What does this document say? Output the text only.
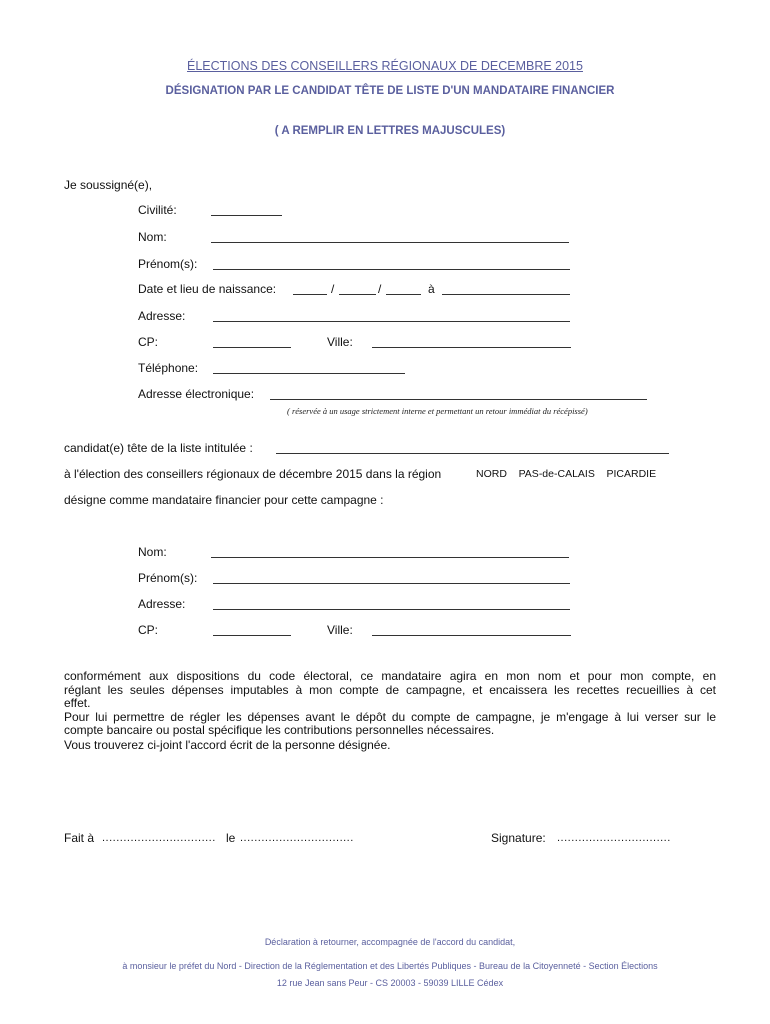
ÉLECTIONS DES CONSEILLERS RÉGIONAUX DE DECEMBRE 2015
DÉSIGNATION PAR LE CANDIDAT TÊTE DE LISTE D'UN MANDATAIRE FINANCIER
( A REMPLIR EN LETTRES MAJUSCULES)
Je soussigné(e),
Civilité:
Nom:
Prénom(s):
Date et lieu de naissance:	/	/	à
Adresse:
CP:	Ville:
Téléphone:
Adresse électronique:
( réservée à un usage strictement interne et permettant un retour immédiat du récépissé)
candidat(e) tête de la liste intitulée :
à l'élection des conseillers régionaux de décembre 2015 dans la région	NORD    PAS-de-CALAIS    PICARDIE
désigne comme mandataire financier pour cette campagne :
Nom:
Prénom(s):
Adresse:
CP:	Ville:
conformément aux dispositions du code électoral, ce mandataire agira en mon nom et pour mon compte, en
réglant les seules dépenses imputables à mon compte de campagne, et encaissera les recettes recueillies à cet
effet.
Pour lui permettre de régler les dépenses avant le dépôt du compte de campagne, je m'engage à lui verser sur le
compte bancaire ou postal spécifique les contributions personnelles nécessaires.
Vous trouverez ci-joint l'accord écrit de la personne désignée.
Fait à ................................ le ................................	Signature: ................................
Déclaration à retourner, accompagnée de l'accord du candidat,
à monsieur le préfet du Nord - Direction de la Réglementation et des Libertés Publiques - Bureau de la Citoyenneté - Section Élections
12 rue Jean sans Peur - CS 20003 - 59039 LILLE Cédex
